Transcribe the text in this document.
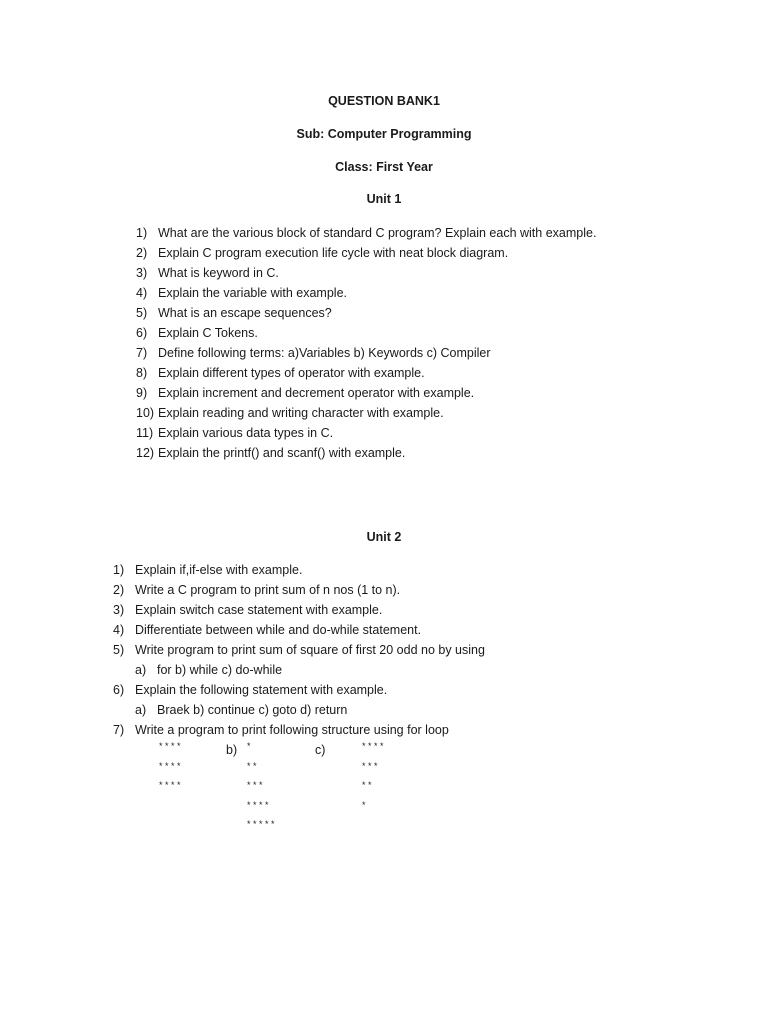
QUESTION BANK1
Sub: Computer Programming
Class: First Year
Unit 1
1) What are the various block of standard C program? Explain each with example.
2) Explain C program execution life cycle with neat block diagram.
3) What is keyword in C.
4) Explain the variable with example.
5) What is an escape sequences?
6) Explain C Tokens.
7) Define following terms: a)Variables b) Keywords c) Compiler
8) Explain different types of operator with example.
9) Explain increment and decrement operator with example.
10) Explain reading and writing character with example.
11) Explain various data types in C.
12) Explain the printf() and scanf() with example.
Unit 2
1) Explain if,if-else with example.
2) Write a C program to print sum of n nos (1 to n).
3) Explain switch case statement with example.
4) Differentiate between while and do-while statement.
5) Write program to print sum of square of first 20 odd no by using
a) for b) while c) do-while
6) Explain the following statement with example.
a) Braek b) continue c) goto d) return
7) Write a program to print following structure using for loop
* * * *
* * * *
* * * *
b) *
* *
* * *
* * * *
* * * * *
c)	* * * *
* * *
* *
*
